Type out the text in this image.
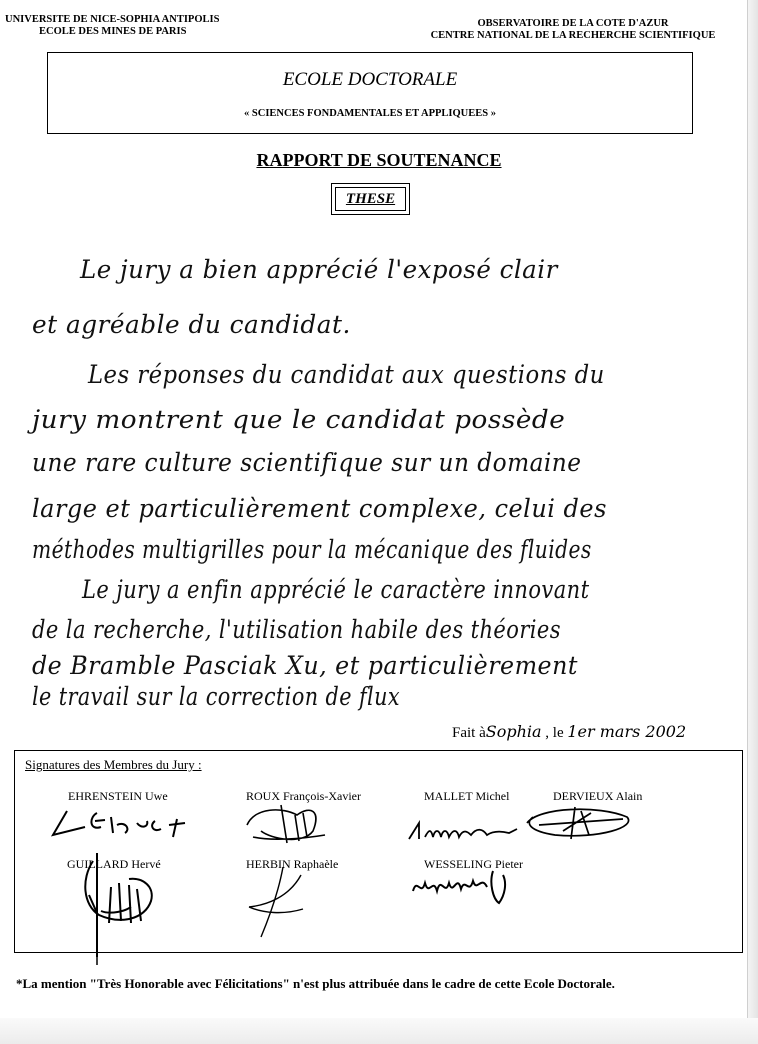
UNIVERSITE DE NICE-SOPHIA ANTIPOLIS
ECOLE DES MINES DE PARIS
OBSERVATOIRE DE LA COTE D'AZUR
CENTRE NATIONAL DE LA RECHERCHE SCIENTIFIQUE
ECOLE DOCTORALE
« SCIENCES FONDAMENTALES ET APPLIQUEES »
RAPPORT DE SOUTENANCE
THESE
Le jury a bien apprécié l'exposé clair
et agréable du candidat.
Les réponses du candidat aux questions du
jury montrent que le candidat possède
une rare culture scientifique sur un domaine
large et particulièrement complexe, celui des
méthodes multigrilles pour la mécanique des fluides
Le jury a enfin apprécié le caractère innovant
de la recherche, l'utilisation habile des théories
de Bramble Pasciak Xu, et particulièrement
le travail sur la correction de flux
Fait àSophia , le 1er mars 2002
Signatures des Membres du Jury :
EHRENSTEIN Uwe	ROUX François-Xavier	MALLET Michel	DERVIEUX Alain
GUILLARD Hervé	HERBIN Raphaèle	WESSELING Pieter
*La mention "Très Honorable avec Félicitations" n'est plus attribuée dans le cadre de cette Ecole Doctorale.
